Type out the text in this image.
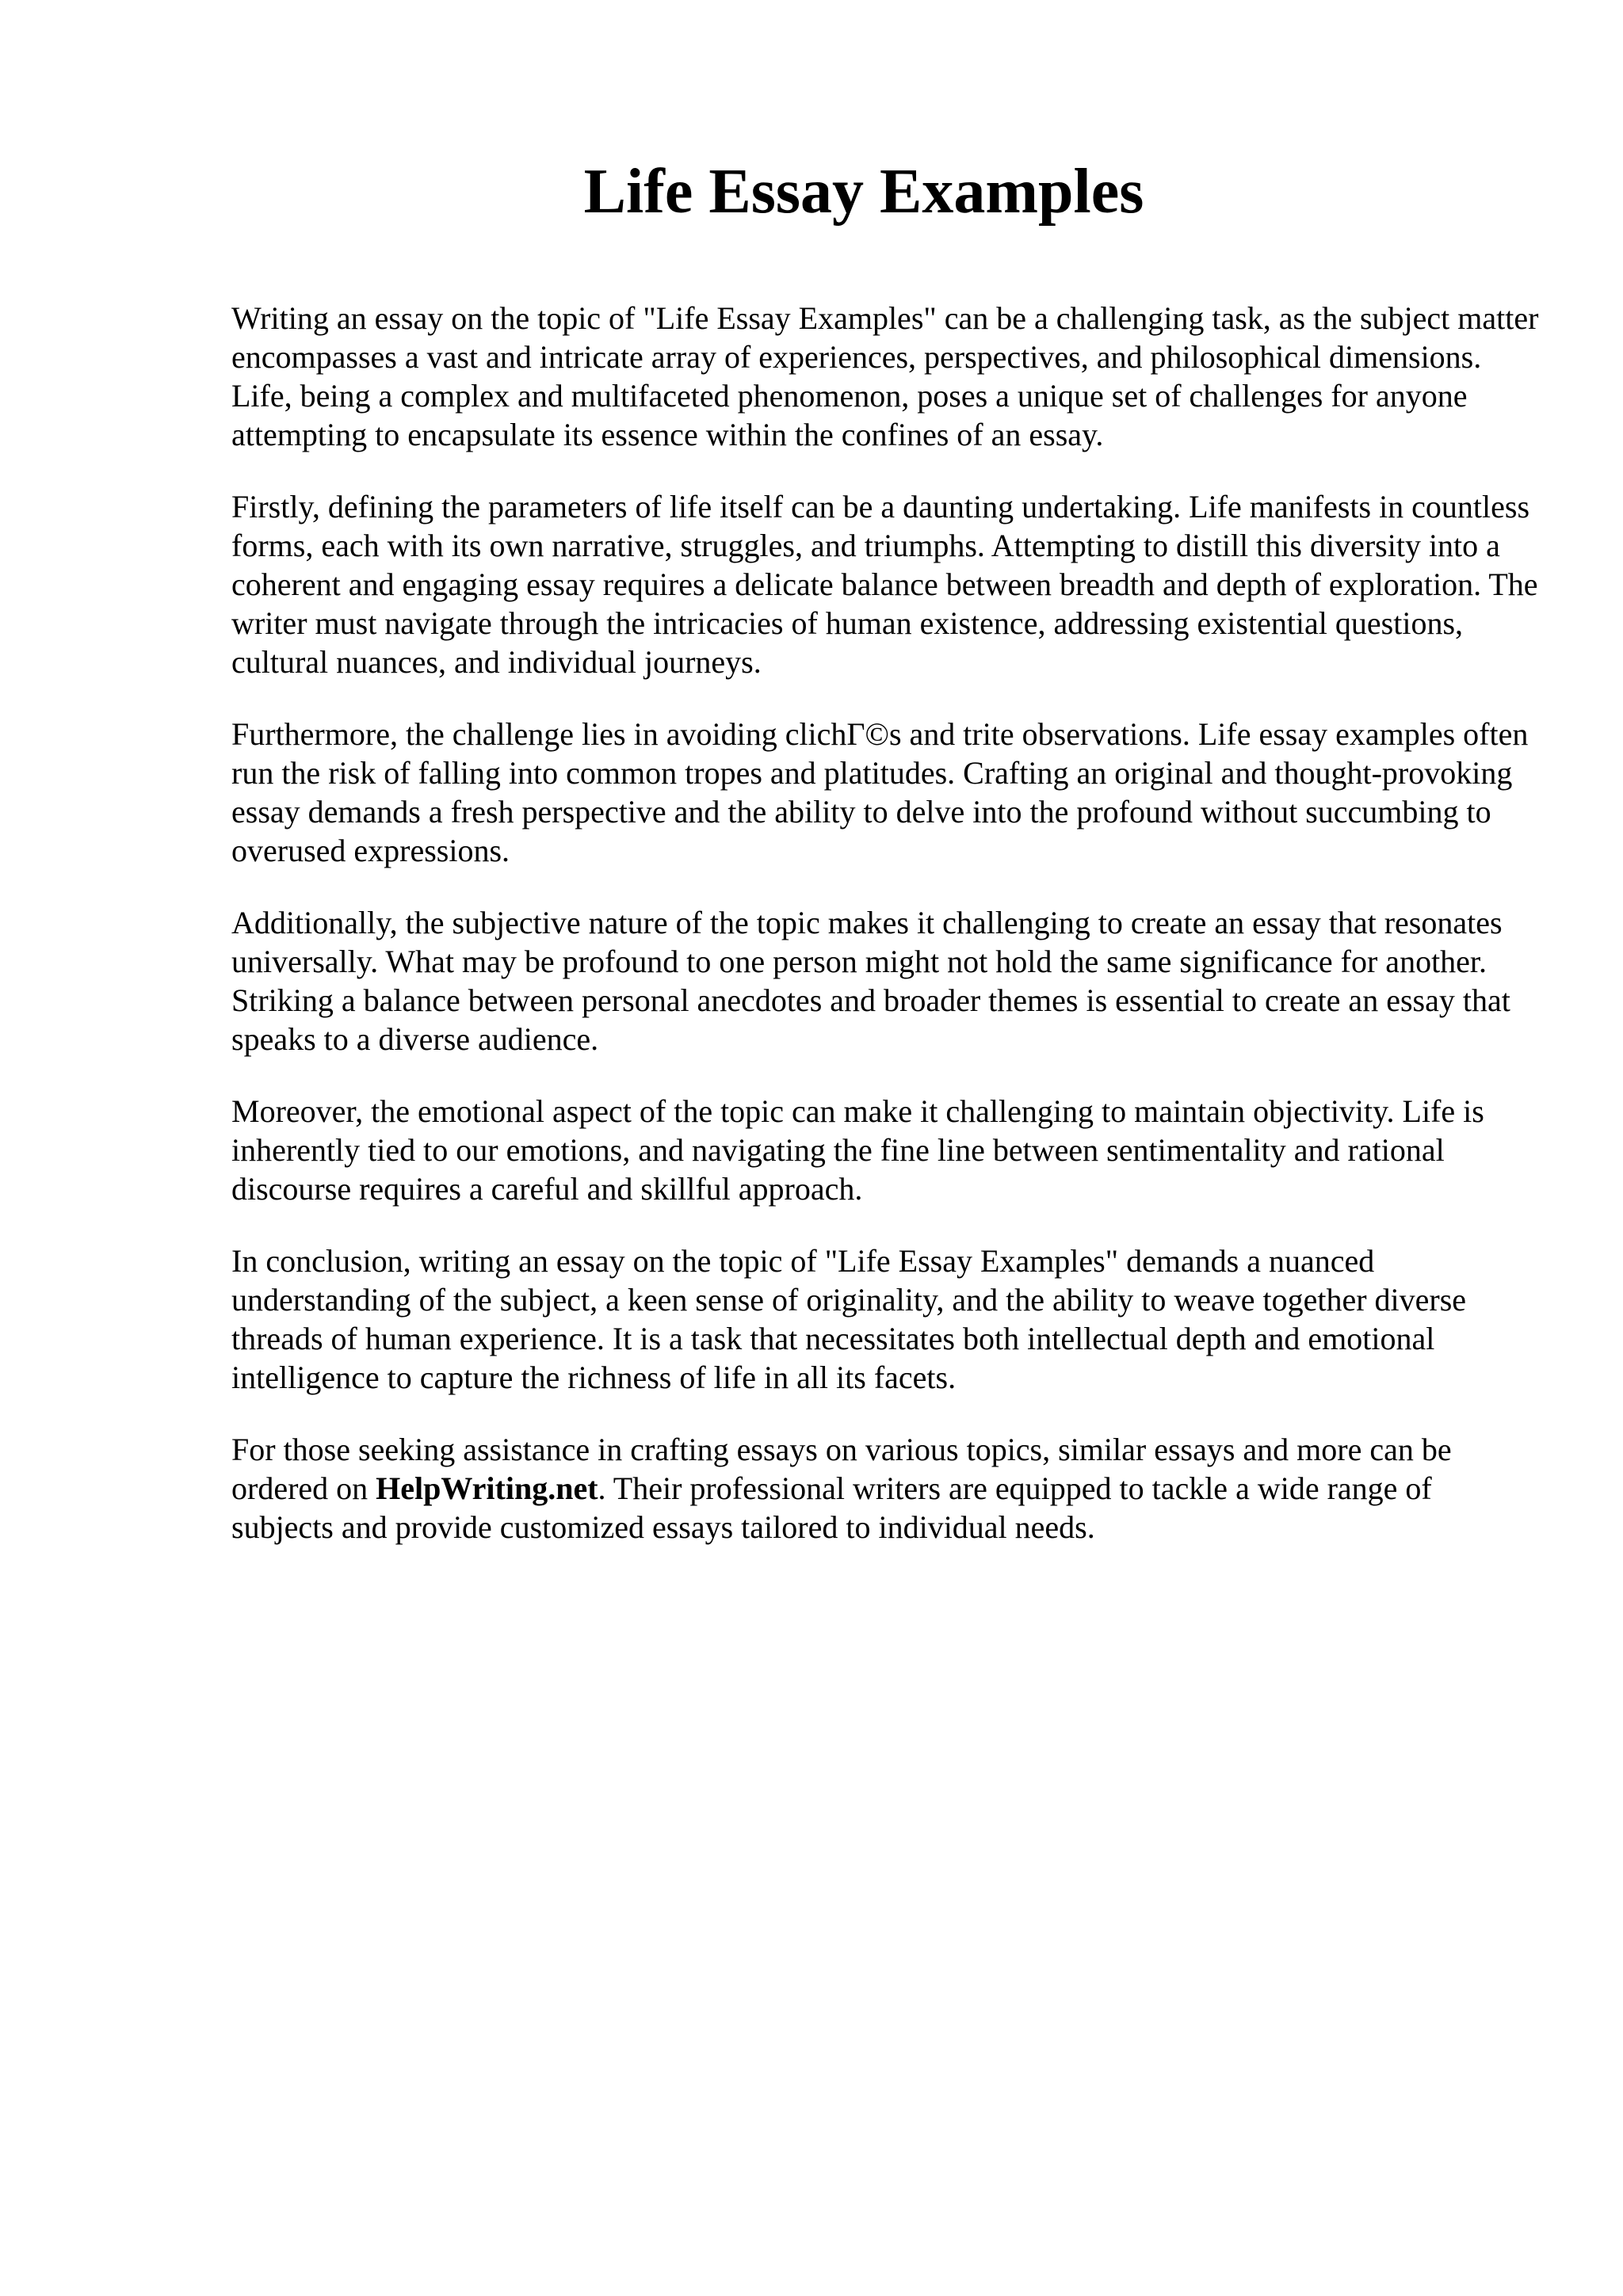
Life Essay Examples

Writing an essay on the topic of "Life Essay Examples" can be a challenging task, as the subject matter encompasses a vast and intricate array of experiences, perspectives, and philosophical dimensions. Life, being a complex and multifaceted phenomenon, poses a unique set of challenges for anyone attempting to encapsulate its essence within the confines of an essay.

Firstly, defining the parameters of life itself can be a daunting undertaking. Life manifests in countless forms, each with its own narrative, struggles, and triumphs. Attempting to distill this diversity into a coherent and engaging essay requires a delicate balance between breadth and depth of exploration. The writer must navigate through the intricacies of human existence, addressing existential questions, cultural nuances, and individual journeys.

Furthermore, the challenge lies in avoiding clichΓ©s and trite observations. Life essay examples often run the risk of falling into common tropes and platitudes. Crafting an original and thought-provoking essay demands a fresh perspective and the ability to delve into the profound without succumbing to overused expressions.

Additionally, the subjective nature of the topic makes it challenging to create an essay that resonates universally. What may be profound to one person might not hold the same significance for another. Striking a balance between personal anecdotes and broader themes is essential to create an essay that speaks to a diverse audience.

Moreover, the emotional aspect of the topic can make it challenging to maintain objectivity. Life is inherently tied to our emotions, and navigating the fine line between sentimentality and rational discourse requires a careful and skillful approach.

In conclusion, writing an essay on the topic of "Life Essay Examples" demands a nuanced understanding of the subject, a keen sense of originality, and the ability to weave together diverse threads of human experience. It is a task that necessitates both intellectual depth and emotional intelligence to capture the richness of life in all its facets.

For those seeking assistance in crafting essays on various topics, similar essays and more can be ordered on HelpWriting.net. Their professional writers are equipped to tackle a wide range of subjects and provide customized essays tailored to individual needs.
